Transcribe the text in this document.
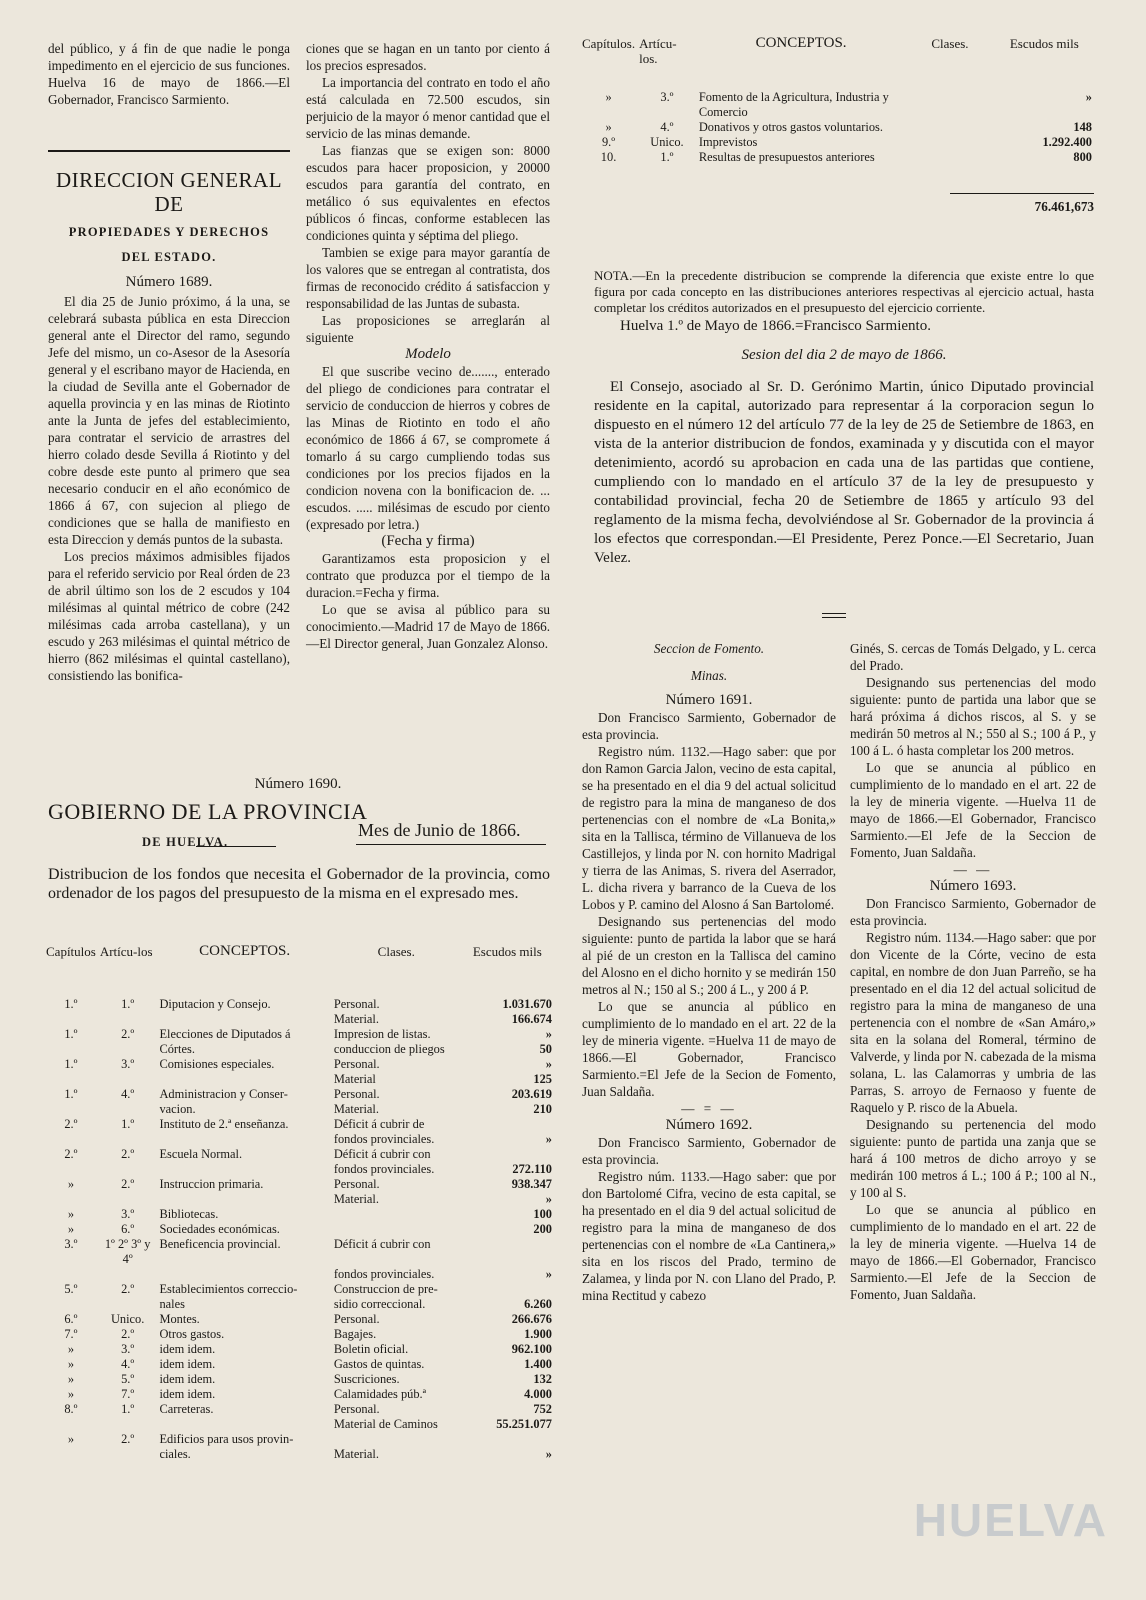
del público, y á fin de que nadie le ponga impedimento en el ejercicio de sus funciones. Huelva 16 de mayo de 1866.—El Gobernador, Francisco Sarmiento.

DIRECCION GENERAL DE
PROPIEDADES Y DERECHOS
DEL ESTADO.
Número 1689.

El dia 25 de Junio próximo, á la una, se celebrará subasta pública en esta Direccion general ante el Director del ramo, segundo Jefe del mismo, un co-Asesor de la Asesoría general y el escribano mayor de Hacienda, en la ciudad de Sevilla ante el Gobernador de aquella provincia y en las minas de Riotinto ante la Junta de jefes del establecimiento, para contratar el servicio de arrastres del hierro colado desde Sevilla á Riotinto y del cobre desde este punto al primero que sea necesario conducir en el año económico de 1866 á 67, con sujecion al pliego de condiciones que se halla de manifiesto en esta Direccion y demás puntos de la subasta.

Los precios máximos admisibles fijados para el referido servicio por Real órden de 23 de abril último son los de 2 escudos y 104 milésimas al quintal métrico de cobre (242 milésimas cada arroba castellana), y un escudo y 263 milésimas el quintal métrico de hierro (862 milésimas el quintal castellano), consistiendo las bonifica-

ciones que se hagan en un tanto por ciento á los precios espresados.

La importancia del contrato en todo el año está calculada en 72.500 escudos, sin perjuicio de la mayor ó menor cantidad que el servicio de las minas demande.

Las fianzas que se exigen son: 8000 escudos para hacer proposicion, y 20000 escudos para garantía del contrato, en metálico ó sus equivalentes en efectos públicos ó fincas, conforme establecen las condiciones quinta y séptima del pliego.

Tambien se exige para mayor garantía de los valores que se entregan al contratista, dos firmas de reconocido crédito á satisfaccion y responsabilidad de las Juntas de subasta.

Las proposiciones se arreglarán al siguiente

Modelo

El que suscribe vecino de......., enterado del pliego de condiciones para contratar el servicio de conduccion de hierros y cobres de las Minas de Riotinto en todo el año económico de 1866 á 67, se compromete á tomarlo á su cargo cumpliendo todas sus condiciones por los precios fijados en la condicion novena con la bonificacion de. ... escudos. ..... milésimas de escudo por ciento (expresado por letra.)

(Fecha y firma)

Garantizamos esta proposicion y el contrato que produzca por el tiempo de la duracion.=Fecha y firma.

Lo que se avisa al público para su conocimiento.—Madrid 17 de Mayo de 1866.—El Director general, Juan Gonzalez Alonso.

Número 1690.
GOBIERNO DE LA PROVINCIA
DE HUELVA.
Mes de Junio de 1866.

Distribucion de los fondos que necesita el Gobernador de la provincia, como ordenador de los pagos del presupuesto de la misma en el expresado mes.

Capítulos	Artícu-los	CONCEPTOS.	Clases.	Escudos mils

1.º	1.º	Diputacion y Consejo.	Personal.	1.031.670
			Material.	166.674
1.º	2.º	Elecciones de Diputados á	Impresion de listas.	»
		Córtes.	conduccion de pliegos	50
1.º	3.º	Comisiones especiales.	Personal.	»
			Material	125
1.º	4.º	Administracion y Conser-	Personal.	203.619
		vacion.	Material.	210
2.º	1.º	Instituto de 2.ª enseñanza.	Déficit á cubrir de	
			fondos provinciales.	»
2.º	2.º	Escuela Normal.	Déficit á cubrir con	
			fondos provinciales.	272.110
»	2.º	Instruccion primaria.	Personal.	938.347
			Material.	»
»	3.º	Bibliotecas.		100
»	6.º	Sociedades económicas.		200
3.º	1º 2º 3º y 4º	Beneficencia provincial.	Déficit á cubrir con	
			fondos provinciales.	»
5.º	2.º	Establecimientos correccio-	Construccion de pre-	
		nales	sidio correccional.	6.260
6.º	Unico.	Montes.	Personal.	266.676
7.º	2.º	Otros gastos.	Bagajes.	1.900
»	3.º	idem idem.	Boletin oficial.	962.100
»	4.º	idem idem.	Gastos de quintas.	1.400
»	5.º	idem idem.	Suscriciones.	132
»	7.º	idem idem.	Calamidades púb.ª	4.000
8.º	1.º	Carreteras.	Personal.	752
			Material de Caminos	55.251.077
»	2.º	Edificios para usos provin-		
		ciales.	Material.	»
Capítulos.	Artícu-los.	CONCEPTOS.	Clases.	Escudos mils

»	3.º	Fomento de la Agricultura, Industria y Comercio		»
»	4.º	Donativos y otros gastos voluntarios.		148
9.º	Unico.	Imprevistos		1.292.400
10.	1.º	Resultas de presupuestos anteriores		800
76.461,673

NOTA.—En la precedente distribucion se comprende la diferencia que existe entre lo que figura por cada concepto en las distribuciones anteriores respectivas al ejercicio actual, hasta completar los créditos autorizados en el presupuesto del ejercicio corriente.

Huelva 1.º de Mayo de 1866.=Francisco Sarmiento.
Sesion del dia 2 de mayo de 1866.

El Consejo, asociado al Sr. D. Gerónimo Martin, único Diputado provincial residente en la capital, autorizado para representar á la corporacion segun lo dispuesto en el número 12 del artículo 77 de la ley de 25 de Setiembre de 1863, en vista de la anterior distribucion de fondos, examinada y y discutida con el mayor detenimiento, acordó su aprobacion en cada una de las partidas que contiene, cumpliendo con lo mandado en el artículo 37 de la ley de presupuesto y contabilidad provincial, fecha 20 de Setiembre de 1865 y artículo 93 del reglamento de la misma fecha, devolviéndose al Sr. Gobernador de la provincia á los efectos que correspondan.—El Presidente, Perez Ponce.—El Secretario, Juan Velez.

Seccion de Fomento.
Minas.
Número 1691.

Don Francisco Sarmiento, Gobernador de esta provincia.

Registro núm. 1132.—Hago saber: que por don Ramon Garcia Jalon, vecino de esta capital, se ha presentado en el dia 9 del actual solicitud de registro para la mina de manganeso de dos pertenencias con el nombre de «La Bonita,» sita en la Tallisca, término de Villanueva de los Castillejos, y linda por N. con hornito Madrigal y tierra de las Animas, S. rivera del Aserrador, L. dicha rivera y barranco de la Cueva de los Lobos y P. camino del Alosno á San Bartolomé.

Designando sus pertenencias del modo siguiente: punto de partida la labor que se hará al pié de un creston en la Tallisca del camino del Alosno en el dicho hornito y se medirán 150 metros al N.; 150 al S.; 200 á L., y 200 á P.

Lo que se anuncia al público en cumplimiento de lo mandado en el art. 22 de la ley de mineria vigente. =Huelva 11 de mayo de 1866.—El Gobernador, Francisco Sarmiento.=El Jefe de la Secion de Fomento, Juan Saldaña.

— = —
Número 1692.

Don Francisco Sarmiento, Gobernador de esta provincia.

Registro núm. 1133.—Hago saber: que por don Bartolomé Cifra, vecino de esta capital, se ha presentado en el dia 9 del actual solicitud de registro para la mina de manganeso de dos pertenencias con el nombre de «La Cantinera,» sita en los riscos del Prado, termino de Zalamea, y linda por N. con Llano del Prado, P. mina Rectitud y cabezo

Ginés, S. cercas de Tomás Delgado, y L. cerca del Prado.

Designando sus pertenencias del modo siguiente: punto de partida una labor que se hará próxima á dichos riscos, al S. y se medirán 50 metros al N.; 550 al S.; 100 á P., y 100 á L. ó hasta completar los 200 metros.

Lo que se anuncia al público en cumplimiento de lo mandado en el art. 22 de la ley de mineria vigente. —Huelva 11 de mayo de 1866.—El Gobernador, Francisco Sarmiento.—El Jefe de la Seccion de Fomento, Juan Saldaña.

— —
Número 1693.

Don Francisco Sarmiento, Gobernador de esta provincia.

Registro núm. 1134.—Hago saber: que por don Vicente de la Córte, vecino de esta capital, en nombre de don Juan Parreño, se ha presentado en el dia 12 del actual solicitud de registro para la mina de manganeso de una pertenencia con el nombre de «San Amáro,» sita en la solana del Romeral, término de Valverde, y linda por N. cabezada de la misma solana, L. las Calamorras y umbria de las Parras, S. arroyo de Fernaoso y fuente de Raquelo y P. risco de la Abuela.

Designando su pertenencia del modo siguiente: punto de partida una zanja que se hará á 100 metros de dicho arroyo y se medirán 100 metros á L.; 100 á P.; 100 al N., y 100 al S.

Lo que se anuncia al público en cumplimiento de lo mandado en el art. 22 de la ley de mineria vigente. —Huelva 14 de mayo de 1866.—El Gobernador, Francisco Sarmiento.—El Jefe de la Seccion de Fomento, Juan Saldaña.

HUELVA
